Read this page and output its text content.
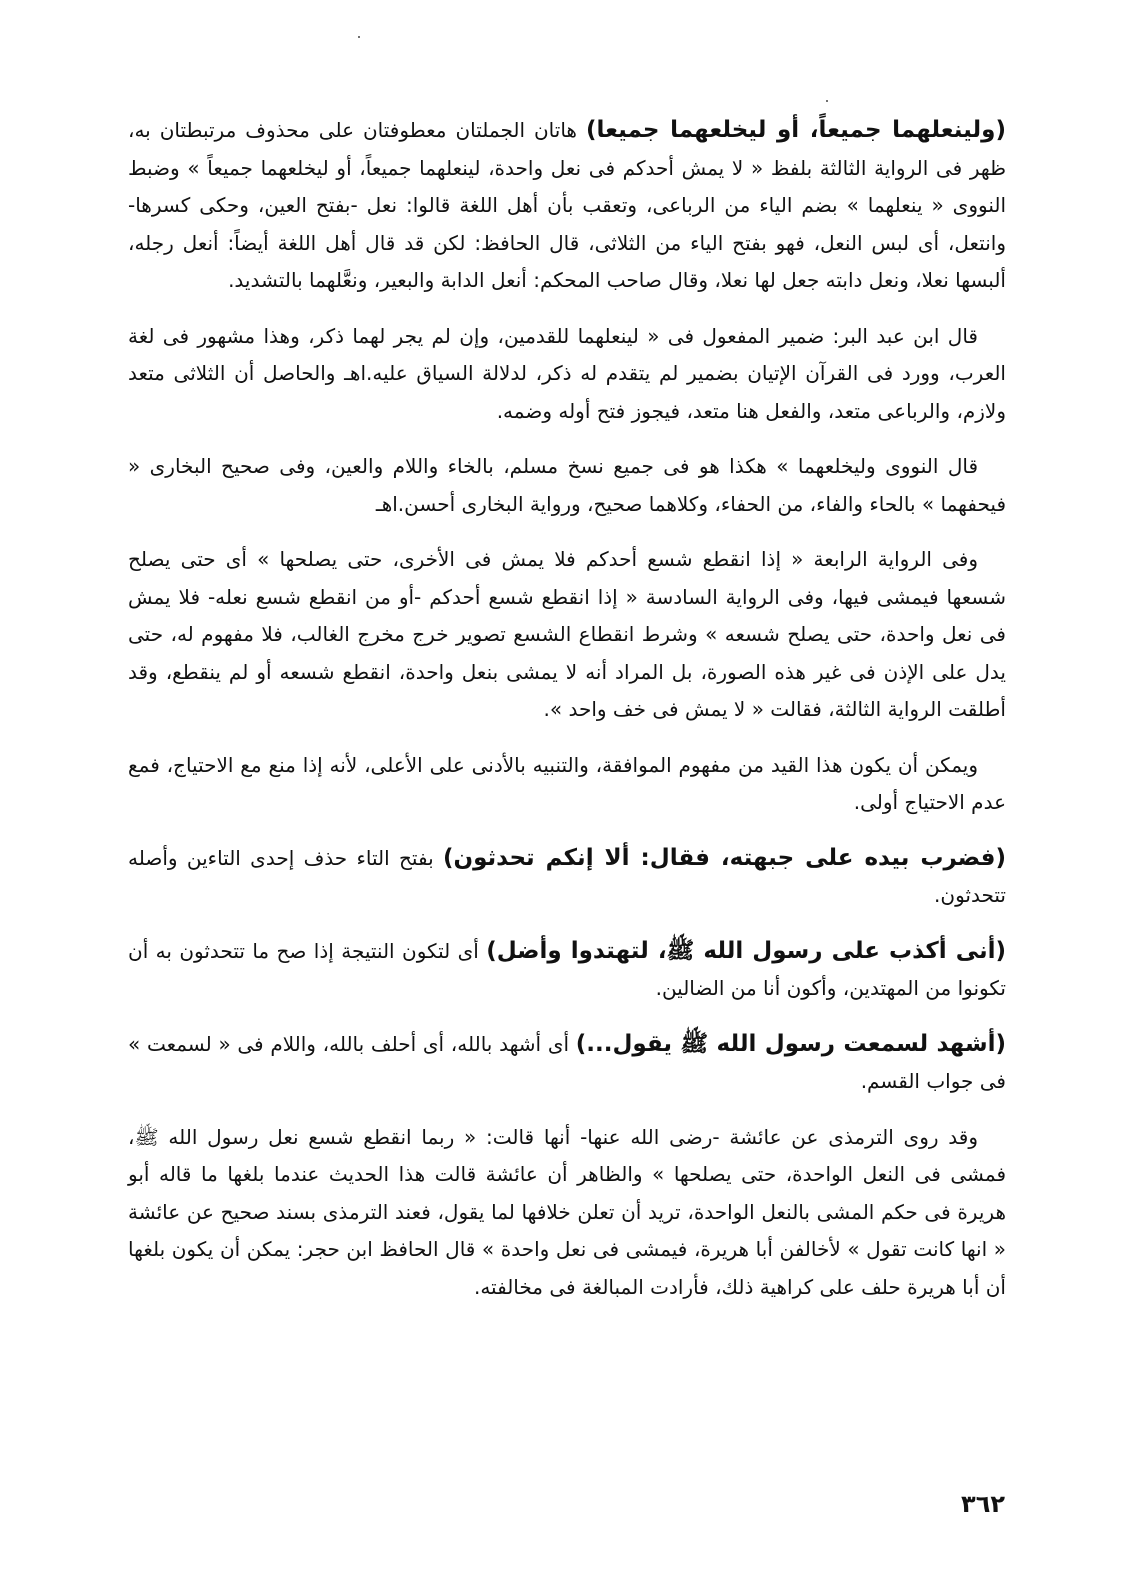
(ولينعلهما جميعاً، أو ليخلعهما جميعا) هاتان الجملتان معطوفتان على محذوف مرتبطتان به، ظهر فى الرواية الثالثة بلفظ « لا يمش أحدكم فى نعل واحدة، لينعلهما جميعاً، أو ليخلعهما جميعاً » وضبط النووى « ينعلهما » بضم الياء من الرباعى، وتعقب بأن أهل اللغة قالوا: نعل -بفتح العين، وحكى كسرها- وانتعل، أى لبس النعل، فهو بفتح الياء من الثلاثى، قال الحافظ: لكن قد قال أهل اللغة أيضاً: أنعل رجله، ألبسها نعلا، ونعل دابته جعل لها نعلا، وقال صاحب المحكم: أنعل الدابة والبعير، ونعَّلهما بالتشديد.

قال ابن عبد البر: ضمير المفعول فى « لينعلهما للقدمين، وإن لم يجر لهما ذكر، وهذا مشهور فى لغة العرب، وورد فى القرآن الإتيان بضمير لم يتقدم له ذكر، لدلالة السياق عليه.اهـ والحاصل أن الثلاثى متعد ولازم، والرباعى متعد، والفعل هنا متعد، فيجوز فتح أوله وضمه.

قال النووى وليخلعهما » هكذا هو فى جميع نسخ مسلم، بالخاء واللام والعين، وفى صحيح البخارى « فيحفهما » بالحاء والفاء، من الحفاء، وكلاهما صحيح، ورواية البخارى أحسن.اهـ

وفى الرواية الرابعة « إذا انقطع شسع أحدكم فلا يمش فى الأخرى، حتى يصلحها » أى حتى يصلح شسعها فيمشى فيها، وفى الرواية السادسة « إذا انقطع شسع أحدكم -أو من انقطع شسع نعله- فلا يمش فى نعل واحدة، حتى يصلح شسعه » وشرط انقطاع الشسع تصوير خرج مخرج الغالب، فلا مفهوم له، حتى يدل على الإذن فى غير هذه الصورة، بل المراد أنه لا يمشى بنعل واحدة، انقطع شسعه أو لم ينقطع، وقد أطلقت الرواية الثالثة، فقالت « لا يمش فى خف واحد ».

ويمكن أن يكون هذا القيد من مفهوم الموافقة، والتنبيه بالأدنى على الأعلى، لأنه إذا منع مع الاحتياج، فمع عدم الاحتياج أولى.

(فضرب بيده على جبهته، فقال: ألا إنكم تحدثون) بفتح التاء حذف إحدى التاءين وأصله تتحدثون.

(أنى أكذب على رسول الله ﷺ، لتهتدوا وأضل) أى لتكون النتيجة إذا صح ما تتحدثون به أن تكونوا من المهتدين، وأكون أنا من الضالين.

(أشهد لسمعت رسول الله ﷺ يقول...) أى أشهد بالله، أى أحلف بالله، واللام فى « لسمعت » فى جواب القسم.

وقد روى الترمذى عن عائشة -رضى الله عنها- أنها قالت: « ربما انقطع شسع نعل رسول الله ﷺ، فمشى فى النعل الواحدة، حتى يصلحها » والظاهر أن عائشة قالت هذا الحديث عندما بلغها ما قاله أبو هريرة فى حكم المشى بالنعل الواحدة، تريد أن تعلن خلافها لما يقول، فعند الترمذى بسند صحيح عن عائشة « انها كانت تقول » لأخالفن أبا هريرة، فيمشى فى نعل واحدة » قال الحافظ ابن حجر: يمكن أن يكون بلغها أن أبا هريرة حلف على كراهية ذلك، فأرادت المبالغة فى مخالفته.

٣٦٢
